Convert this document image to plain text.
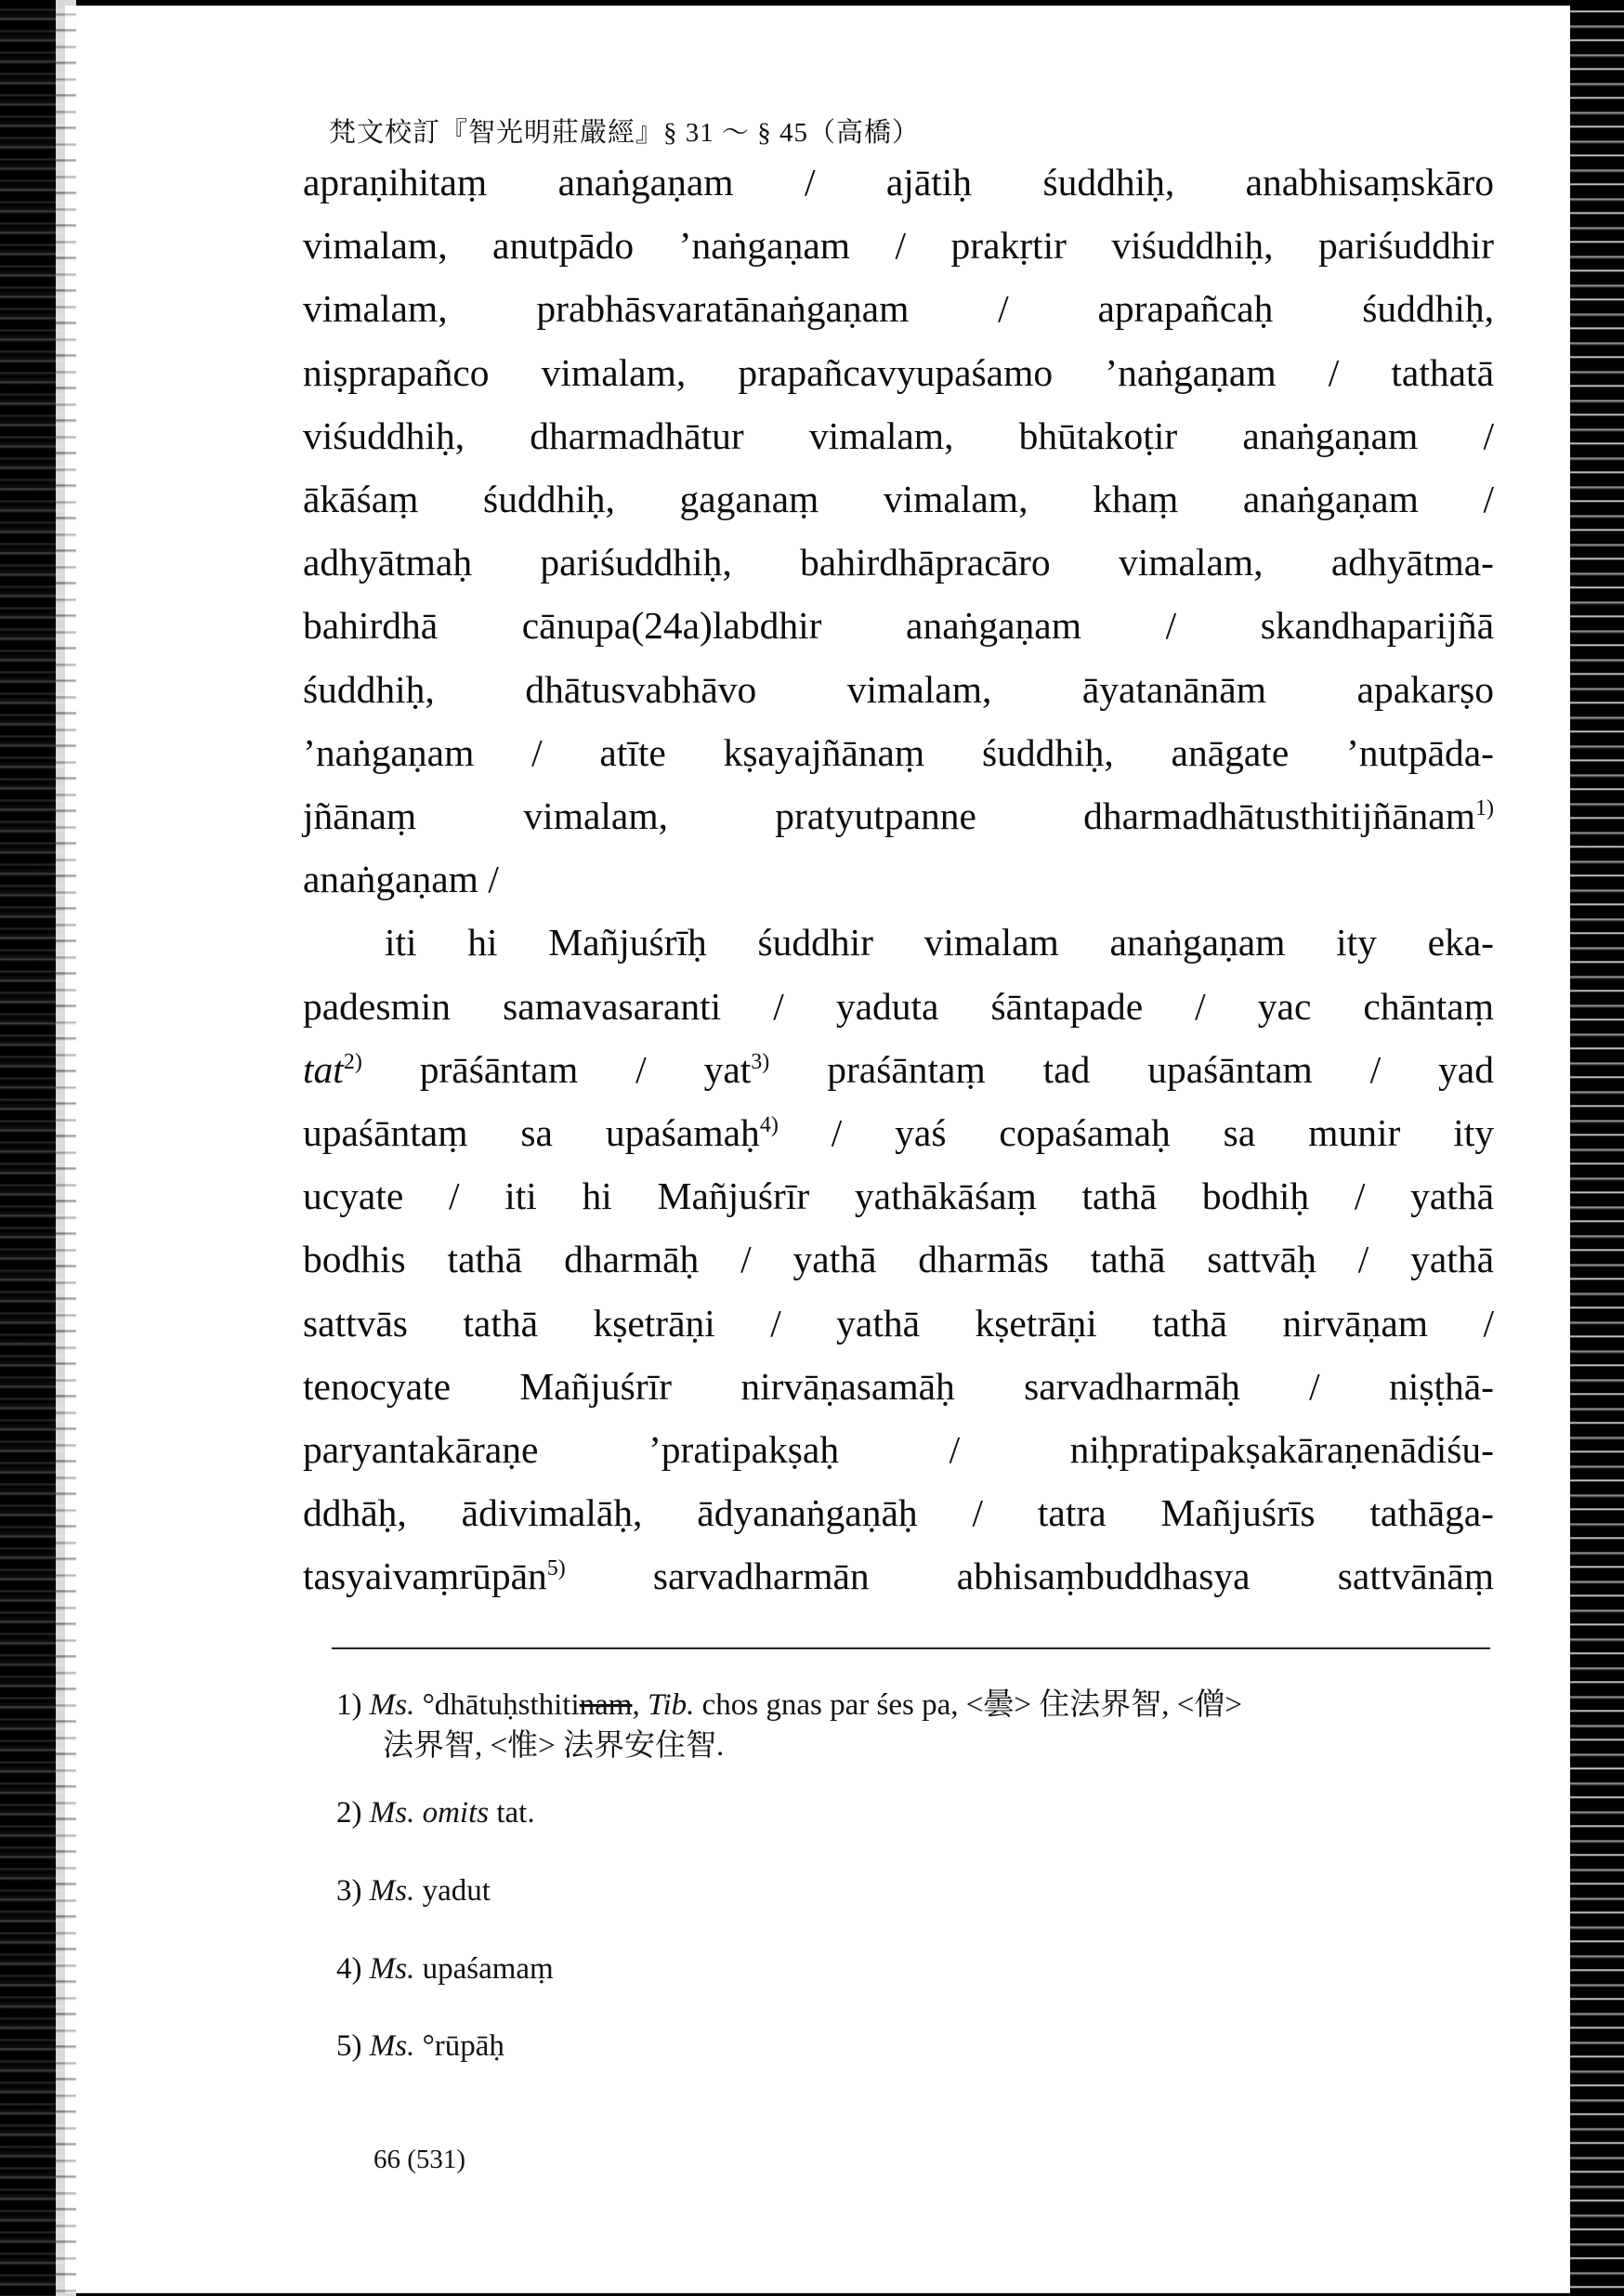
梵文校訂『智光明莊嚴經』§ 31 ～ § 45（高橋）
apraṇihitaṃ anaṅgaṇam / ajātiḥ śuddhiḥ, anabhisaṃskāro
vimalam, anutpādo ’naṅgaṇam / prakṛtir viśuddhiḥ, pariśuddhir
vimalam, prabhāsvaratānaṅgaṇam / aprapañcaḥ śuddhiḥ,
niṣprapañco vimalam, prapañcavyupaśamo ’naṅgaṇam / tathatā
viśuddhiḥ, dharmadhātur vimalam, bhūtakoṭir anaṅgaṇam /
ākāśaṃ śuddhiḥ, gaganaṃ vimalam, khaṃ anaṅgaṇam /
adhyātmaḥ pariśuddhiḥ, bahirdhāpracāro vimalam, adhyātma-
bahirdhā cānupa(24a)labdhir anaṅgaṇam / skandhaparijñā
śuddhiḥ, dhātusvabhāvo vimalam, āyatanānām apakarṣo
’naṅgaṇam / atīte kṣayajñānaṃ śuddhiḥ, anāgate ’nutpāda-
jñānaṃ vimalam, pratyutpanne dharmadhātusthitijñānam$^{1)}$
anaṅgaṇam /
iti hi Mañjuśrīḥ śuddhir vimalam anaṅgaṇam ity eka-
padesmin samavasaranti / yaduta śāntapade / yac chāntaṃ
tat$^{2)}$ prāśāntam / yat$^{3)}$ praśāntaṃ tad upaśāntam / yad
upaśāntaṃ sa upaśamaḥ$^{4)}$ / yaś copaśamaḥ sa munir ity
ucyate / iti hi Mañjuśrīr yathākāśaṃ tathā bodhiḥ / yathā
bodhis tathā dharmāḥ / yathā dharmās tathā sattvāḥ / yathā
sattvās tathā kṣetrāṇi / yathā kṣetrāṇi tathā nirvāṇam /
tenocyate Mañjuśrīr nirvāṇasamāḥ sarvadharmāḥ / niṣṭhā-
paryantakāraṇe ’pratipakṣaḥ / niḥpratipakṣakāraṇenādiśu-
ddhāḥ, ādivimalāḥ, ādyanaṅgaṇāḥ / tatra Mañjuśrīs tathāga-
tasyaivaṃrūpān$^{5)}$ sarvadharmān abhisaṃbuddhasya sattvānāṃ
1) Ms. °dhātuḥsthitinam, Tib. chos gnas par śes pa, <曇> 住法界智, <僧>
法界智, <惟> 法界安住智.
2) Ms. omits tat.
3) Ms. yadut
4) Ms. upaśamaṃ
5) Ms. °rūpāḥ
66 (531)
